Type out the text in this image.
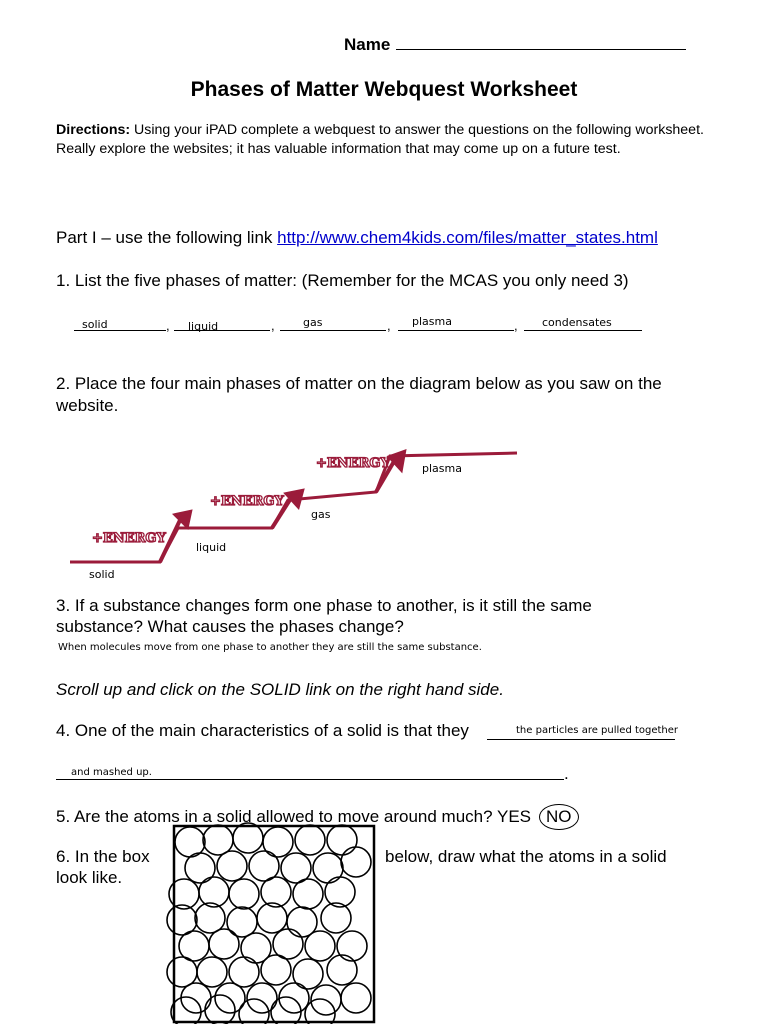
Name
Phases of Matter Webquest Worksheet
Directions: Using your iPAD complete a webquest to answer the questions on the following worksheet. Really explore the websites; it has valuable information that may come up on a future test.
Part I – use the following link http://www.chem4kids.com/files/matter_states.html
1. List the five phases of matter: (Remember for the MCAS you only need 3)
solid	, liquid	,	gas	, plasma	, condensates
2. Place the four main phases of matter on the diagram below as you saw on the
website.
+ENERGY
+ENERGY
+ENERGY
solid
liquid
gas
plasma
3. If a substance changes form one phase to another, is it still the same
substance? What causes the phases change?
When molecules move from one phase to another they are still the same substance.
Scroll up and click on the SOLID link on the right hand side.
4. One of the main characteristics of a solid is that they	the particles are pulled together
and mashed up.	.
5. Are the atoms in a solid allowed to move around much? YES NO
6. In the box	below, draw what the atoms in a solid
look like.
